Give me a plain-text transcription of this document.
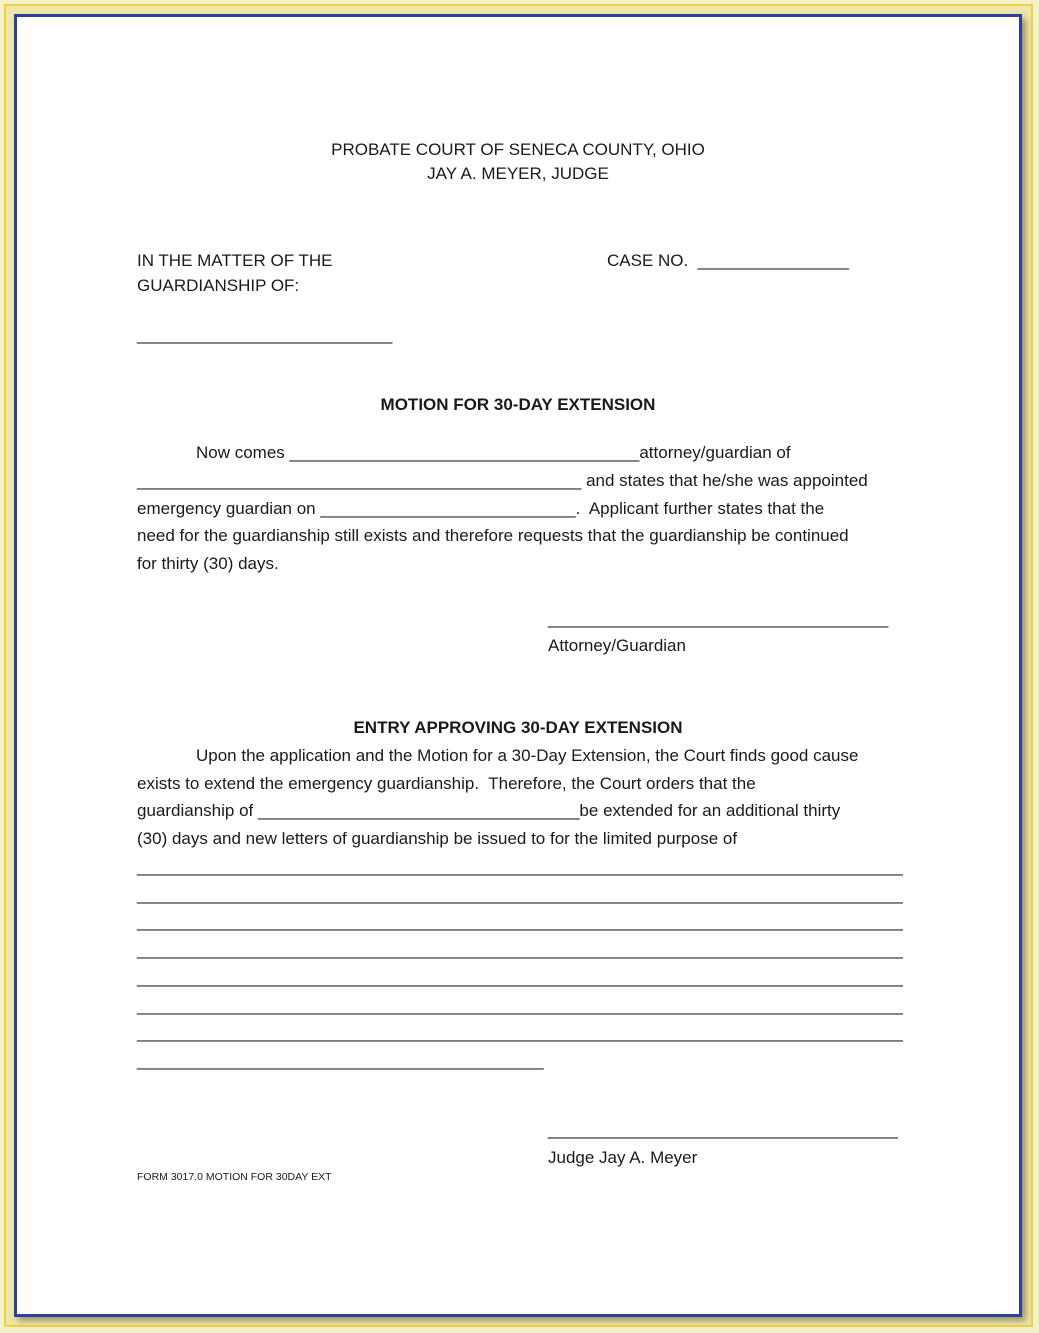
PROBATE COURT OF SENECA COUNTY, OHIO
JAY A. MEYER, JUDGE
IN THE MATTER OF THE
GUARDIANSHIP OF:
CASE NO.  ________________
___________________________
MOTION FOR 30-DAY EXTENSION
Now comes _____________________________________attorney/guardian of
_______________________________________________ and states that he/she was appointed
emergency guardian on ___________________________.  Applicant further states that the
need for the guardianship still exists and therefore requests that the guardianship be continued
for thirty (30) days.
____________________________________
Attorney/Guardian
ENTRY APPROVING 30-DAY EXTENSION
Upon the application and the Motion for a 30-Day Extension, the Court finds good cause
exists to extend the emergency guardianship.  Therefore, the Court orders that the
guardianship of __________________________________be extended for an additional thirty
(30) days and new letters of guardianship be issued to for the limited purpose of
_________________________________________________________________________________
_________________________________________________________________________________
_________________________________________________________________________________
_________________________________________________________________________________
_________________________________________________________________________________
_________________________________________________________________________________
_________________________________________________________________________________
___________________________________________
_____________________________________
Judge Jay A. Meyer
FORM 3017.0 MOTION FOR 30DAY EXT
